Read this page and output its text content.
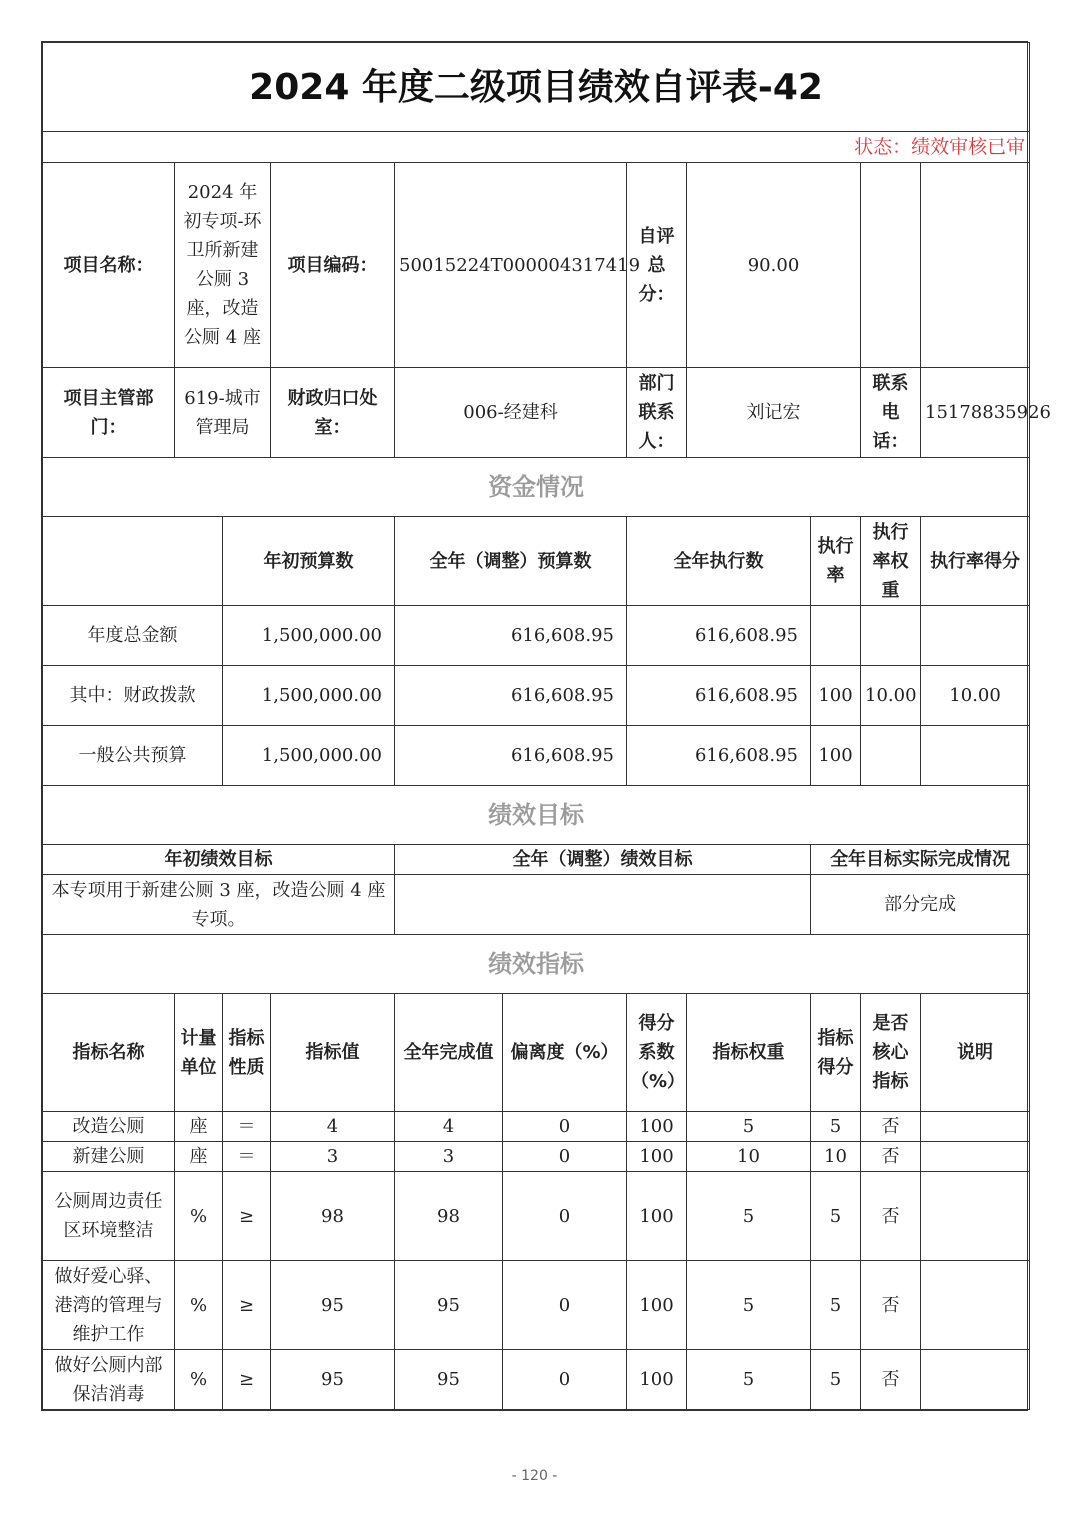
2024 年度二级项目绩效自评表-42										
状态：绩效审核已审										
项目名称：	2024 年初专项-环卫所新建公厕 3 座，改造公厕 4 座		项目编码：	50015224T000004317419		自评总分：	90.00			
项目主管部门：	619-城市管理局		财政归口处室：	006-经建科		部门联系人：	刘记宏		联系电话：	15178835926
资金情况										
		年初预算数		全年（调整）预算数		全年执行数		执行率	执行率权重	执行率得分
年度总金额		1,500,000.00		616,608.95		616,608.95				
其中：财政拨款		1,500,000.00		616,608.95		616,608.95		100	10.00	10.00
一般公共预算		1,500,000.00		616,608.95		616,608.95		100		
绩效目标										
年初绩效目标				全年（调整）绩效目标				全年目标实际完成情况		
本专项用于新建公厕 3 座，改造公厕 4 座专项。								部分完成		
绩效指标										
指标名称	计量单位	指标性质	指标值	全年完成值	偏离度（%）	得分系数（%）	指标权重	指标得分	是否核心指标	说明
改造公厕	座	＝	4	4	0	100	5	5	否	
新建公厕	座	＝	3	3	0	100	10	10	否	
公厕周边责任区环境整洁	%	≥	98	98	0	100	5	5	否	
做好爱心驿、港湾的管理与维护工作	%	≥	95	95	0	100	5	5	否	
做好公厕内部保洁消毒	%	≥	95	95	0	100	5	5	否	
- 120 -
